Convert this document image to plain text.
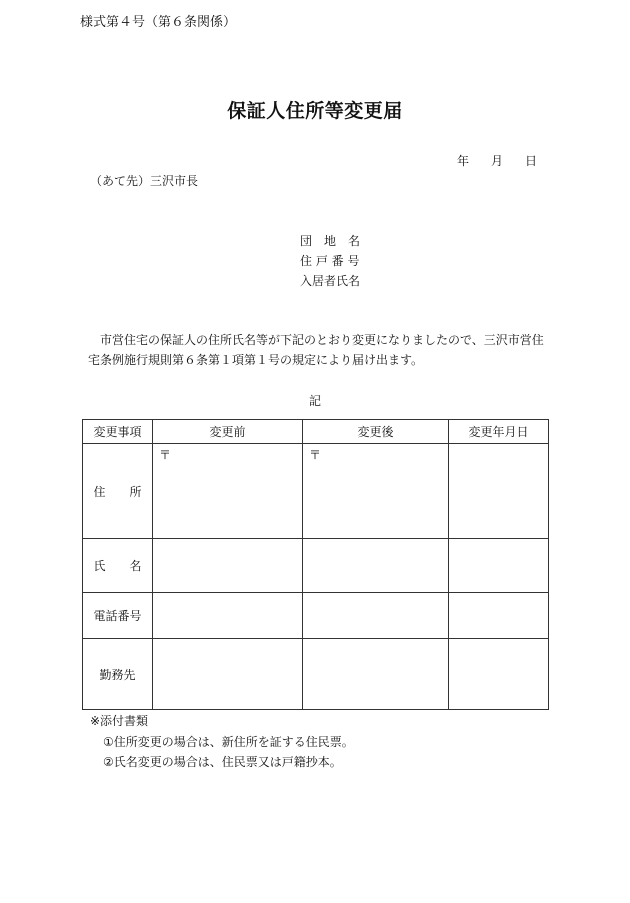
様式第４号（第６条関係）
保証人住所等変更届
年 月 日
（あて先）三沢市長
団　地　名
住 戸 番 号
入居者氏名
市営住宅の保証人の住所氏名等が下記のとおり変更になりましたので、三沢市営住宅条例施行規則第６条第１項第１号の規定により届け出ます。
記
変更事項	変更前	変更後	変更年月日
住　　所	〒	〒	

氏　　名			
電話番号			
勤務先			
※添付書類
①住所変更の場合は、新住所を証する住民票。
②氏名変更の場合は、住民票又は戸籍抄本。
